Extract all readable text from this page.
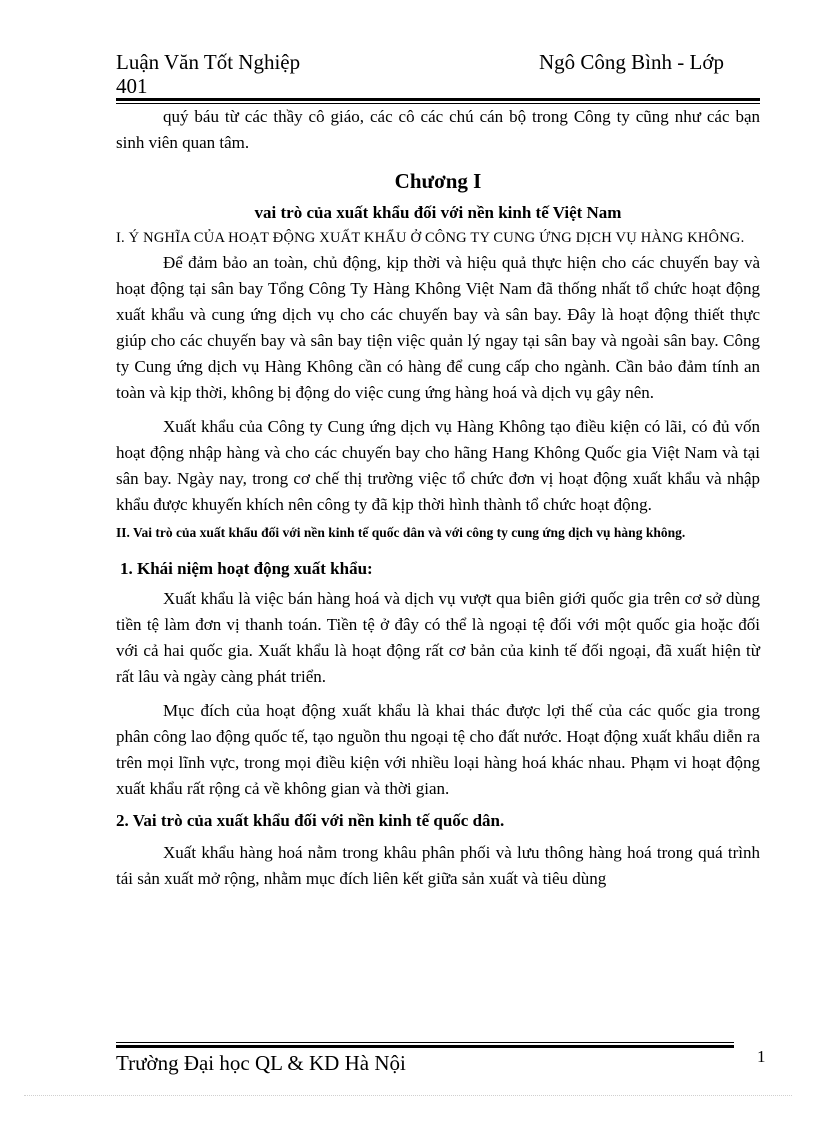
Luận Văn Tốt Nghiệp
401
Ngô Công Bình - Lớp

quý báu từ các thầy cô giáo, các cô các chú cán bộ trong Công ty cũng như các bạn sinh viên quan tâm.

Chương I

vai trò của xuất khẩu đối với nền kinh tế Việt Nam

I. Ý NGHĨA CỦA HOẠT ĐỘNG XUẤT KHẨU Ở CÔNG TY CUNG ỨNG DỊCH VỤ HÀNG KHÔNG.

Để đảm bảo an toàn, chủ động, kịp thời và hiệu quả thực hiện cho các chuyến bay và hoạt động tại sân bay Tổng Công Ty Hàng Không Việt Nam đã thống nhất tổ chức hoạt động xuất khẩu và cung ứng dịch vụ cho các chuyến bay và sân bay. Đây là hoạt động thiết thực giúp cho các chuyến bay và sân bay tiện việc quản lý ngay tại sân bay và ngoài sân bay. Công ty Cung ứng dịch vụ Hàng Không cần có hàng để cung cấp cho ngành. Cần bảo đảm tính an toàn và kịp thời, không bị động do việc cung ứng hàng hoá và dịch vụ gây nên.

Xuất khẩu của Công ty Cung ứng dịch vụ Hàng Không tạo điều kiện có lãi, có đủ vốn hoạt động nhập hàng và cho các chuyến bay cho hãng Hang Không Quốc gia Việt Nam và tại sân bay. Ngày nay, trong cơ chế thị trường việc tổ chức đơn vị hoạt động xuất khẩu và nhập khẩu được khuyến khích nên công ty đã kịp thời hình thành tổ chức hoạt động.

II. Vai trò của xuất khẩu đối với nền kinh tế quốc dân và với công ty cung ứng dịch vụ hàng không.

1. Khái niệm hoạt động xuất khẩu:

Xuất khẩu là việc bán hàng hoá và dịch vụ vượt qua biên giới quốc gia trên cơ sở dùng tiền tệ làm đơn vị thanh toán. Tiền tệ ở đây có thể là ngoại tệ đối với một quốc gia hoặc đối với cả hai quốc gia. Xuất khẩu là hoạt động rất cơ bản của kinh tế đối ngoại, đã xuất hiện từ rất lâu và ngày càng phát triển.

Mục đích của hoạt động xuất khẩu là khai thác được lợi thế của các quốc gia trong phân công lao động quốc tế, tạo nguồn thu ngoại tệ cho đất nước. Hoạt động xuất khẩu diễn ra trên mọi lĩnh vực, trong mọi điều kiện với nhiều loại hàng hoá khác nhau. Phạm vi hoạt động xuất khẩu rất rộng cả về không gian và thời gian.

2. Vai trò của xuất khẩu đối với nền kinh tế quốc dân.

Xuất khẩu hàng hoá nằm trong khâu phân phối và lưu thông hàng hoá trong quá trình tái sản xuất mở rộng, nhằm mục đích liên kết giữa sản xuất và tiêu dùng

Trường Đại học QL & KD Hà Nội	1
